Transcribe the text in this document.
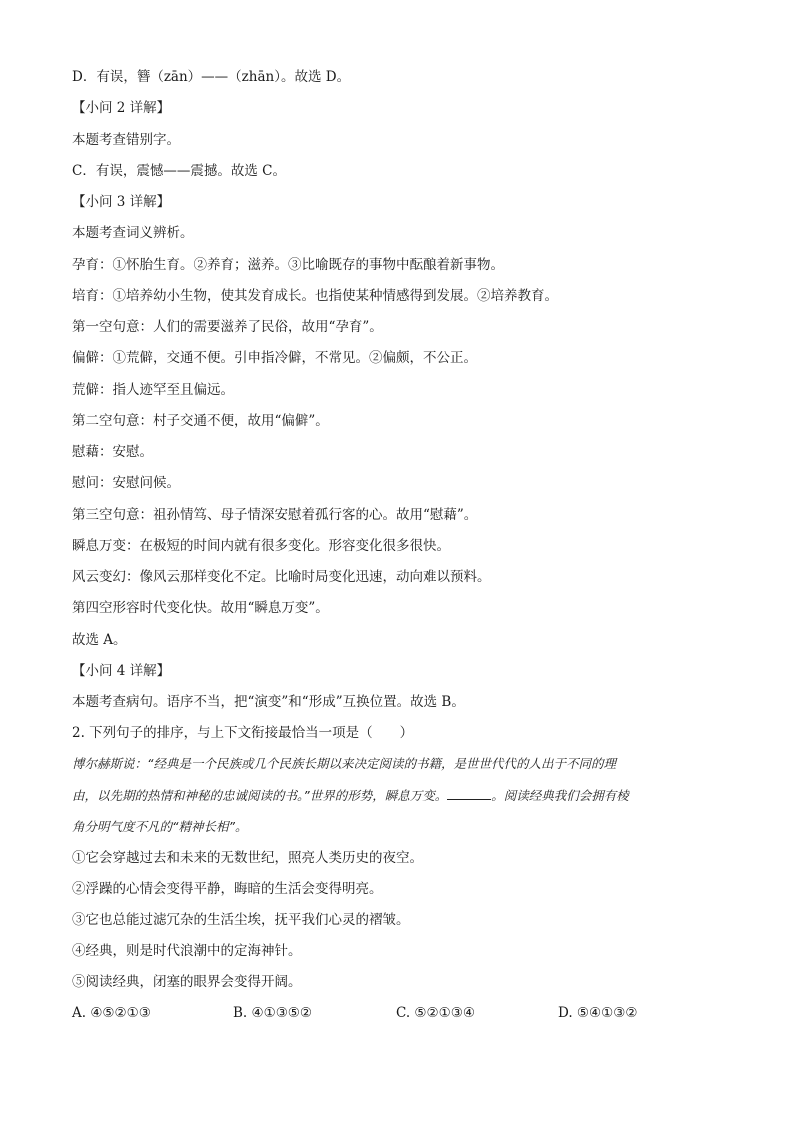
D．有误，簪（zān）——（zhān）。故选 D。
【小问 2 详解】
本题考查错别字。
C．有误，震憾——震撼。故选 C。
【小问 3 详解】
本题考查词义辨析。
孕育：①怀胎生育。②养育；滋养。③比喻既存的事物中酝酿着新事物。
培育：①培养幼小生物，使其发育成长。也指使某种情感得到发展。②培养教育。
第一空句意：人们的需要滋养了民俗，故用“孕育”。
偏僻：①荒僻，交通不便。引申指冷僻，不常见。②偏颇，不公正。
荒僻：指人迹罕至且偏远。
第二空句意：村子交通不便，故用“偏僻”。
慰藉：安慰。
慰问：安慰问候。
第三空句意：祖孙情笃、母子情深安慰着孤行客的心。故用“慰藉”。
瞬息万变：在极短的时间内就有很多变化。形容变化很多很快。
风云变幻：像风云那样变化不定。比喻时局变化迅速，动向难以预料。
第四空形容时代变化快。故用“瞬息万变”。
故选 A。
【小问 4 详解】
本题考查病句。语序不当，把“演变”和“形成”互换位置。故选 B。
2. 下列句子的排序，与上下文衔接最恰当一项是（　　）
博尔赫斯说：“经典是一个民族或几个民族长期以来决定阅读的书籍，是世世代代的人出于不同的理
由，以先期的热情和神秘的忠诚阅读的书。”世界的形势，瞬息万变。	。阅读经典我们会拥有棱
角分明气度不凡的“精神长相”。
①它会穿越过去和未来的无数世纪，照亮人类历史的夜空。
②浮躁的心情会变得平静，晦暗的生活会变得明亮。
③它也总能过滤冗杂的生活尘埃，抚平我们心灵的褶皱。
④经典，则是时代浪潮中的定海神针。
⑤阅读经典，闭塞的眼界会变得开阔。
A. ④⑤②①③	B. ④①③⑤②	C. ⑤②①③④	D. ⑤④①③②
